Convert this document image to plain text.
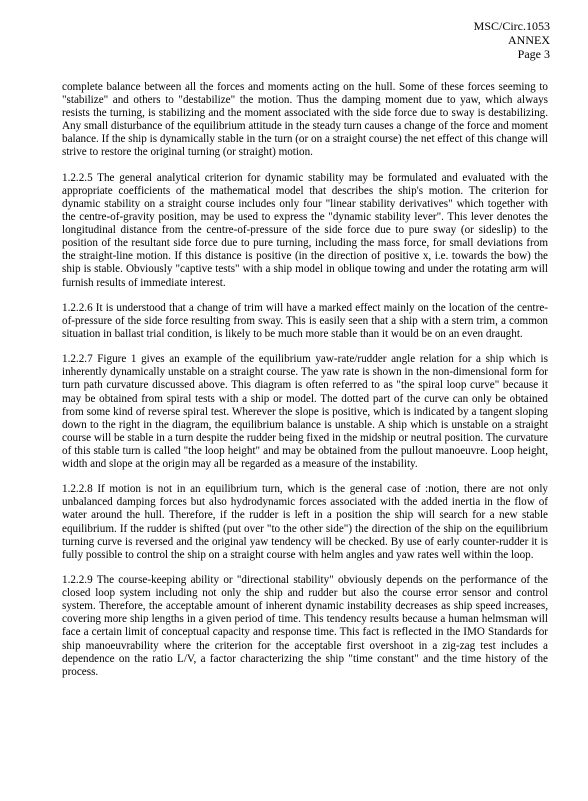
MSC/Circ.1053
ANNEX
Page 3

complete balance between all the forces and moments acting on the hull. Some of these forces seeming to "stabilize" and others to "destabilize" the motion. Thus the damping moment due to yaw, which always resists the turning, is stabilizing and the moment associated with the side force due to sway is destabilizing. Any small disturbance of the equilibrium attitude in the steady turn causes a change of the force and moment balance. If the ship is dynamically stable in the turn (or on a straight course) the net effect of this change will strive to restore the original turning (or straight) motion.

1.2.2.5 The general analytical criterion for dynamic stability may be formulated and evaluated with the appropriate coefficients of the mathematical model that describes the ship's motion. The criterion for dynamic stability on a straight course includes only four "linear stability derivatives" which together with the centre-of-gravity position, may be used to express the "dynamic stability lever". This lever denotes the longitudinal distance from the centre-of-pressure of the side force due to pure sway (or sideslip) to the position of the resultant side force due to pure turning, including the mass force, for small deviations from the straight-line motion. If this distance is positive (in the direction of positive x, i.e. towards the bow) the ship is stable. Obviously "captive tests" with a ship model in oblique towing and under the rotating arm will furnish results of immediate interest.

1.2.2.6 It is understood that a change of trim will have a marked effect mainly on the location of the centre-of-pressure of the side force resulting from sway. This is easily seen that a ship with a stern trim, a common situation in ballast trial condition, is likely to be much more stable than it would be on an even draught.

1.2.2.7 Figure 1 gives an example of the equilibrium yaw-rate/rudder angle relation for a ship which is inherently dynamically unstable on a straight course. The yaw rate is shown in the non-dimensional form for turn path curvature discussed above. This diagram is often referred to as "the spiral loop curve" because it may be obtained from spiral tests with a ship or model. The dotted part of the curve can only be obtained from some kind of reverse spiral test. Wherever the slope is positive, which is indicated by a tangent sloping down to the right in the diagram, the equilibrium balance is unstable. A ship which is unstable on a straight course will be stable in a turn despite the rudder being fixed in the midship or neutral position. The curvature of this stable turn is called "the loop height" and may be obtained from the pullout manoeuvre. Loop height, width and slope at the origin may all be regarded as a measure of the instability.

1.2.2.8 If motion is not in an equilibrium turn, which is the general case of :notion, there are not only unbalanced damping forces but also hydrodynamic forces associated with the added inertia in the flow of water around the hull. Therefore, if the rudder is left in a position the ship will search for a new stable equilibrium. If the rudder is shifted (put over "to the other side") the direction of the ship on the equilibrium turning curve is reversed and the original yaw tendency will be checked. By use of early counter-rudder it is fully possible to control the ship on a straight course with helm angles and yaw rates well within the loop.

1.2.2.9 The course-keeping ability or "directional stability" obviously depends on the performance of the closed loop system including not only the ship and rudder but also the course error sensor and control system. Therefore, the acceptable amount of inherent dynamic instability decreases as ship speed increases, covering more ship lengths in a given period of time. This tendency results because a human helmsman will face a certain limit of conceptual capacity and response time. This fact is reflected in the IMO Standards for ship manoeuvrability where the criterion for the acceptable first overshoot in a zig-zag test includes a dependence on the ratio L/V, a factor characterizing the ship "time constant" and the time history of the process.
